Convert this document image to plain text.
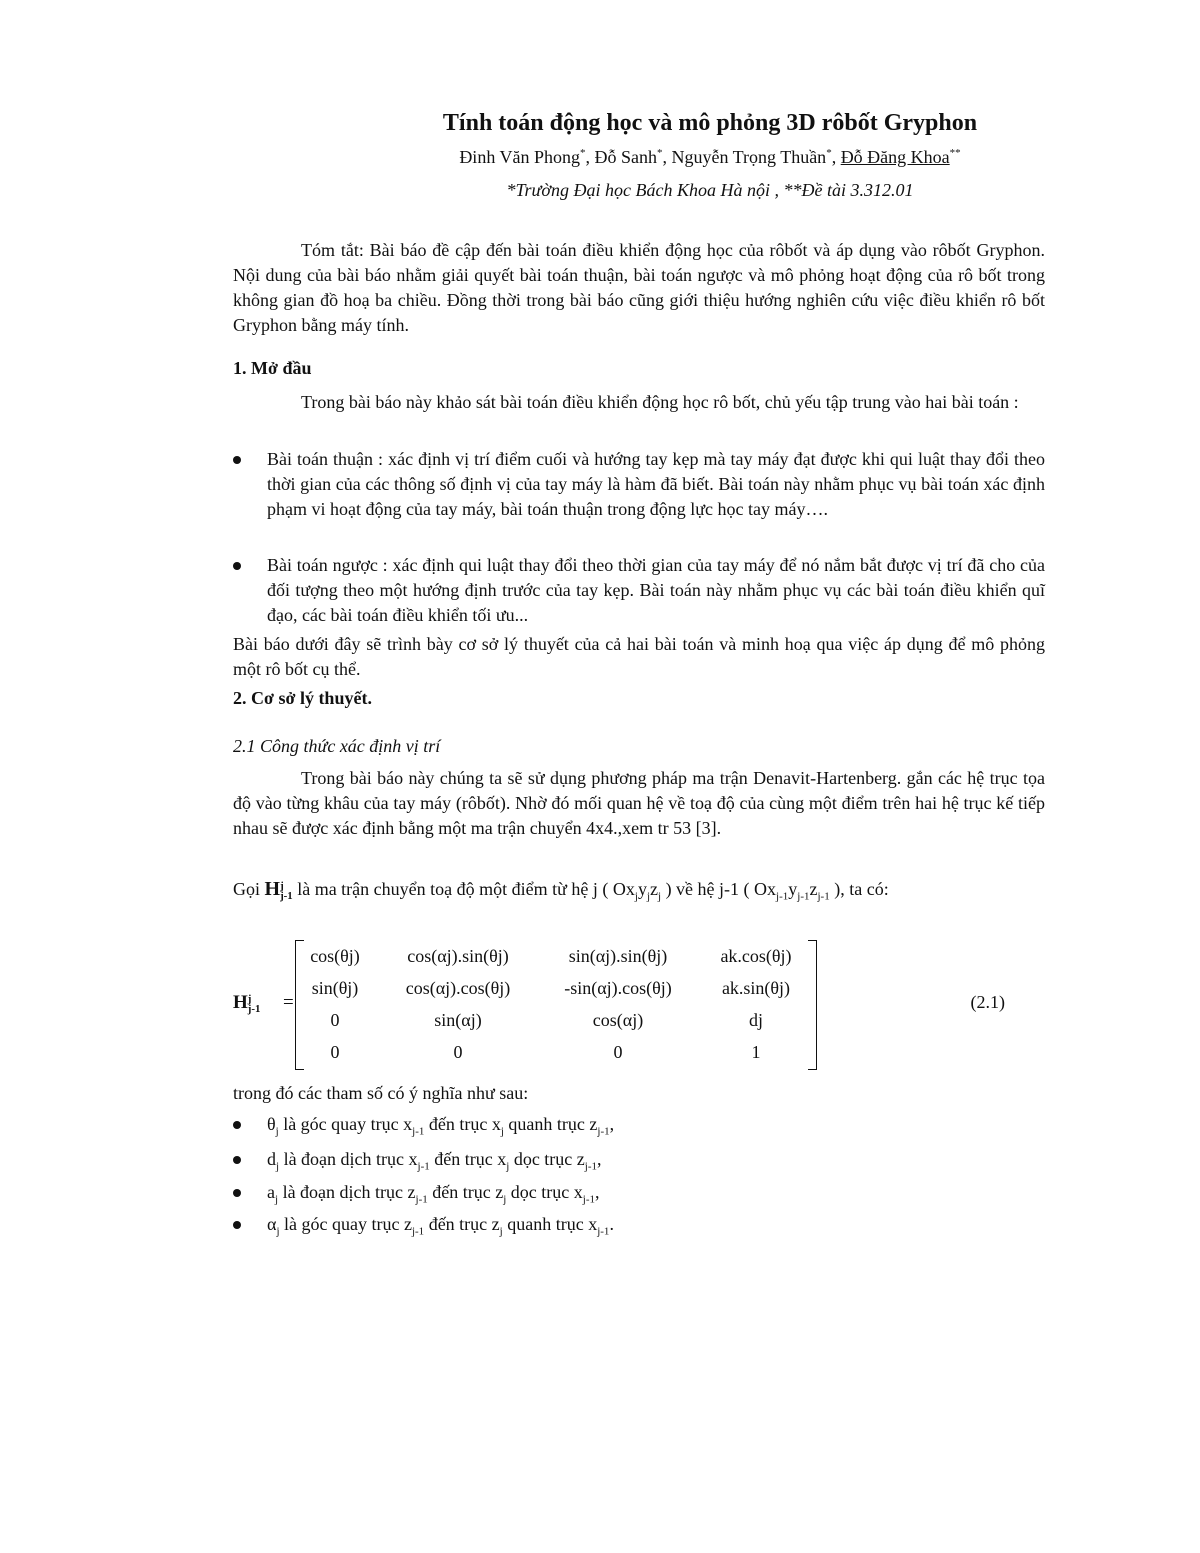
Tính toán động học và mô phỏng 3D rôbốt Gryphon
Đinh Văn Phong*, Đỗ Sanh*, Nguyễn Trọng Thuần*, Đỗ Đăng Khoa**
*Trường Đại học Bách Khoa Hà nội , **Đề tài 3.312.01
Tóm tắt: Bài báo đề cập đến bài toán điều khiển động học của rôbốt và áp dụng vào rôbốt Gryphon. Nội dung của bài báo nhằm giải quyết bài toán thuận, bài toán ngược và mô phỏng hoạt động của rô bốt trong không gian đồ hoạ ba chiều. Đồng thời trong bài báo cũng giới thiệu hướng nghiên cứu việc điều khiển rô bốt Gryphon bằng máy tính.
1. Mở đầu
Trong bài báo này khảo sát bài toán điều khiển động học rô bốt, chủ yếu tập trung vào hai bài toán :
Bài toán thuận : xác định vị trí điểm cuối và hướng tay kẹp mà tay máy đạt được khi qui luật thay đổi theo thời gian của các thông số định vị của tay máy là hàm đã biết. Bài toán này nhằm phục vụ bài toán xác định phạm vi hoạt động của tay máy, bài toán thuận trong động lực học tay máy….
Bài toán ngược : xác định qui luật thay đổi theo thời gian của tay máy để nó nắm bắt được vị trí đã cho của đối tượng theo một hướng định trước của tay kẹp. Bài toán này nhằm phục vụ các bài toán điều khiển quĩ đạo, các bài toán điều khiển tối ưu...
Bài báo dưới đây sẽ trình bày cơ sở lý thuyết của cả hai bài toán và minh hoạ qua việc áp dụng để mô phỏng một rô bốt cụ thể.
2. Cơ sở lý thuyết.
2.1 Công thức xác định vị trí
Trong bài báo này chúng ta sẽ sử dụng phương pháp ma trận Denavit-Hartenberg. gắn các hệ trục tọa độ vào từng khâu của tay máy (rôbốt). Nhờ đó mối quan hệ về toạ độ của cùng một điểm trên hai hệ trục kế tiếp nhau sẽ được xác định bằng một ma trận chuyển 4x4.,xem tr 53 [3].
Gọi H j
j-1 là ma trận chuyển toạ độ một điểm từ hệ j ( $Ox_jy_jz_j$ ) về hệ j-1 ( $Ox_{j-1}y_{j-1}z_{j-1}$ ), ta có:
H j
j-1 =
cos(θj)	cos(αj).sin(θj)	sin(αj).sin(θj)	ak.cos(θj)
sin(θj)	cos(αj).cos(θj)	-sin(αj).cos(θj)	ak.sin(θj)
0	sin(αj)	cos(αj)	dj
0	0	0	1
(2.1)
trong đó các tham số có ý nghĩa như sau:
$\theta_j$ là góc quay trục $x_{j-1}$ đến trục $x_j$ quanh trục $z_{j-1}$,
$d_j$ là đoạn dịch trục $x_{j-1}$ đến trục $x_j$ dọc trục $z_{j-1}$,
$a_j$ là đoạn dịch trục $z_{j-1}$ đến trục $z_j$ dọc trục $x_{j-1}$,
$\alpha_j$ là góc quay trục $z_{j-1}$ đến trục $z_j$ quanh trục $x_{j-1}$.
